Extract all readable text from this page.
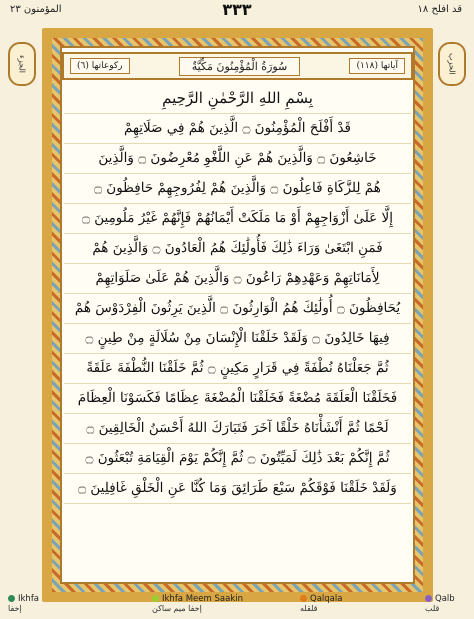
المؤمنون ٢٣	٣٣٣	قد افلح ١٨
الجزء	الحزب
ركوعاتها (٦)	سُورَةُ الْمُؤْمِنُونَ مَكِّيَّةٌ	آياتها (١١٨)
بِسْمِ اللهِ الرَّحْمٰنِ الرَّحِيمِ
قَدْ أَفْلَحَ الْمُؤْمِنُونَ ۝ الَّذِينَ هُمْ فِي صَلَاتِهِمْ
خَاشِعُونَ ۝ وَالَّذِينَ هُمْ عَنِ اللَّغْوِ مُعْرِضُونَ ۝ وَالَّذِينَ
هُمْ لِلزَّكَاةِ فَاعِلُونَ ۝ وَالَّذِينَ هُمْ لِفُرُوجِهِمْ حَافِظُونَ ۝
إِلَّا عَلَىٰ أَزْوَاجِهِمْ أَوْ مَا مَلَكَتْ أَيْمَانُهُمْ فَإِنَّهُمْ غَيْرُ مَلُومِينَ ۝
فَمَنِ ابْتَغَىٰ وَرَاءَ ذَٰلِكَ فَأُولَٰئِكَ هُمُ الْعَادُونَ ۝ وَالَّذِينَ هُمْ
لِأَمَانَاتِهِمْ وَعَهْدِهِمْ رَاعُونَ ۝ وَالَّذِينَ هُمْ عَلَىٰ صَلَوَاتِهِمْ
يُحَافِظُونَ ۝ أُولَٰئِكَ هُمُ الْوَارِثُونَ ۝ الَّذِينَ يَرِثُونَ الْفِرْدَوْسَ هُمْ
فِيهَا خَالِدُونَ ۝ وَلَقَدْ خَلَقْنَا الْإِنْسَانَ مِنْ سُلَالَةٍ مِنْ طِينٍ ۝
ثُمَّ جَعَلْنَاهُ نُطْفَةً فِي قَرَارٍ مَكِينٍ ۝ ثُمَّ خَلَقْنَا النُّطْفَةَ عَلَقَةً
فَخَلَقْنَا الْعَلَقَةَ مُضْغَةً فَخَلَقْنَا الْمُضْغَةَ عِظَامًا فَكَسَوْنَا الْعِظَامَ
لَحْمًا ثُمَّ أَنْشَأْنَاهُ خَلْقًا آخَرَ فَتَبَارَكَ اللهُ أَحْسَنُ الْخَالِقِينَ ۝
ثُمَّ إِنَّكُمْ بَعْدَ ذَٰلِكَ لَمَيِّتُونَ ۝ ثُمَّ إِنَّكُمْ يَوْمَ الْقِيَامَةِ تُبْعَثُونَ ۝
وَلَقَدْ خَلَقْنَا فَوْقَكُمْ سَبْعَ طَرَائِقَ وَمَا كُنَّا عَنِ الْخَلْقِ غَافِلِينَ ۝
Ikhfa
إخفا
Ikhfa Meem Saakin
إخفا ميم ساكن
Qalqala
قلقله
Qalb
قلب
